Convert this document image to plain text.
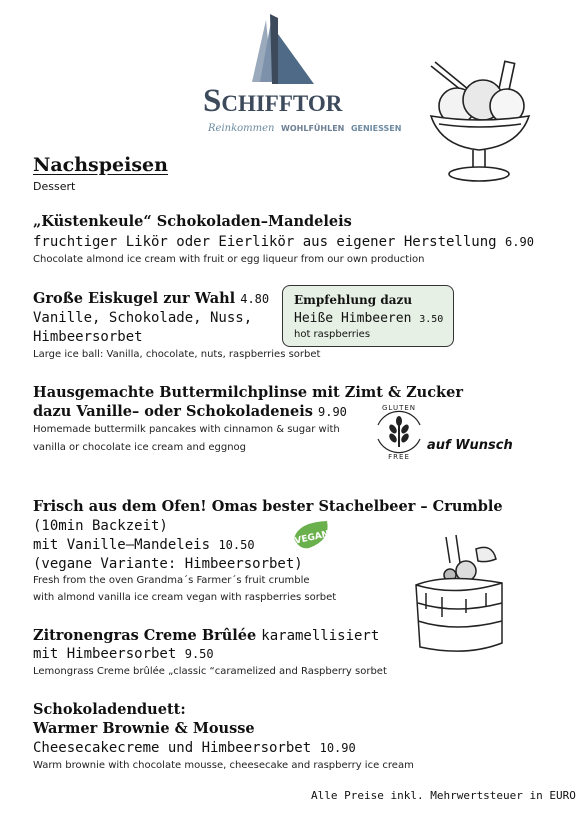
Schifftor
Reinkommen WOHLFÜHLEN GENIESSEN
Nachspeisen
Dessert
„Küstenkeule“ Schokoladen–Mandeleis
fruchtiger Likör oder Eierlikör aus eigener Herstellung 6.90
Chocolate almond ice cream with fruit or egg liqueur from our own production
Große Eiskugel zur Wahl 4.80
Vanille, Schokolade, Nuss,
Himbeersorbet
Large ice ball: Vanilla, chocolate, nuts, raspberries sorbet
Empfehlung dazu
Heiße Himbeeren 3.50
hot raspberries
Hausgemachte Buttermilchplinse mit Zimt & Zucker
dazu Vanille– oder Schokoladeneis 9.90
Homemade buttermilk pancakes with cinnamon & sugar with
vanilla or chocolate ice cream and eggnog
GLUTEN
FREE
auf Wunsch
Frisch aus dem Ofen! Omas bester Stachelbeer – Crumble
(10min Backzeit)
mit Vanille–Mandeleis 10.50
(vegane Variante: Himbeersorbet)
Fresh from the oven Grandma´s Farmer´s fruit crumble
with almond vanilla ice cream vegan with raspberries sorbet
VEGAN
Zitronengras Creme Brûlée karamellisiert
mit Himbeersorbet 9.50
Lemongrass Creme brûlée „classic “caramelized and Raspberry sorbet
Schokoladenduett:
Warmer Brownie & Mousse
Cheesecakecreme und Himbeersorbet 10.90
Warm brownie with chocolate mousse, cheesecake and raspberry ice cream
Alle Preise inkl. Mehrwertsteuer in EURO
